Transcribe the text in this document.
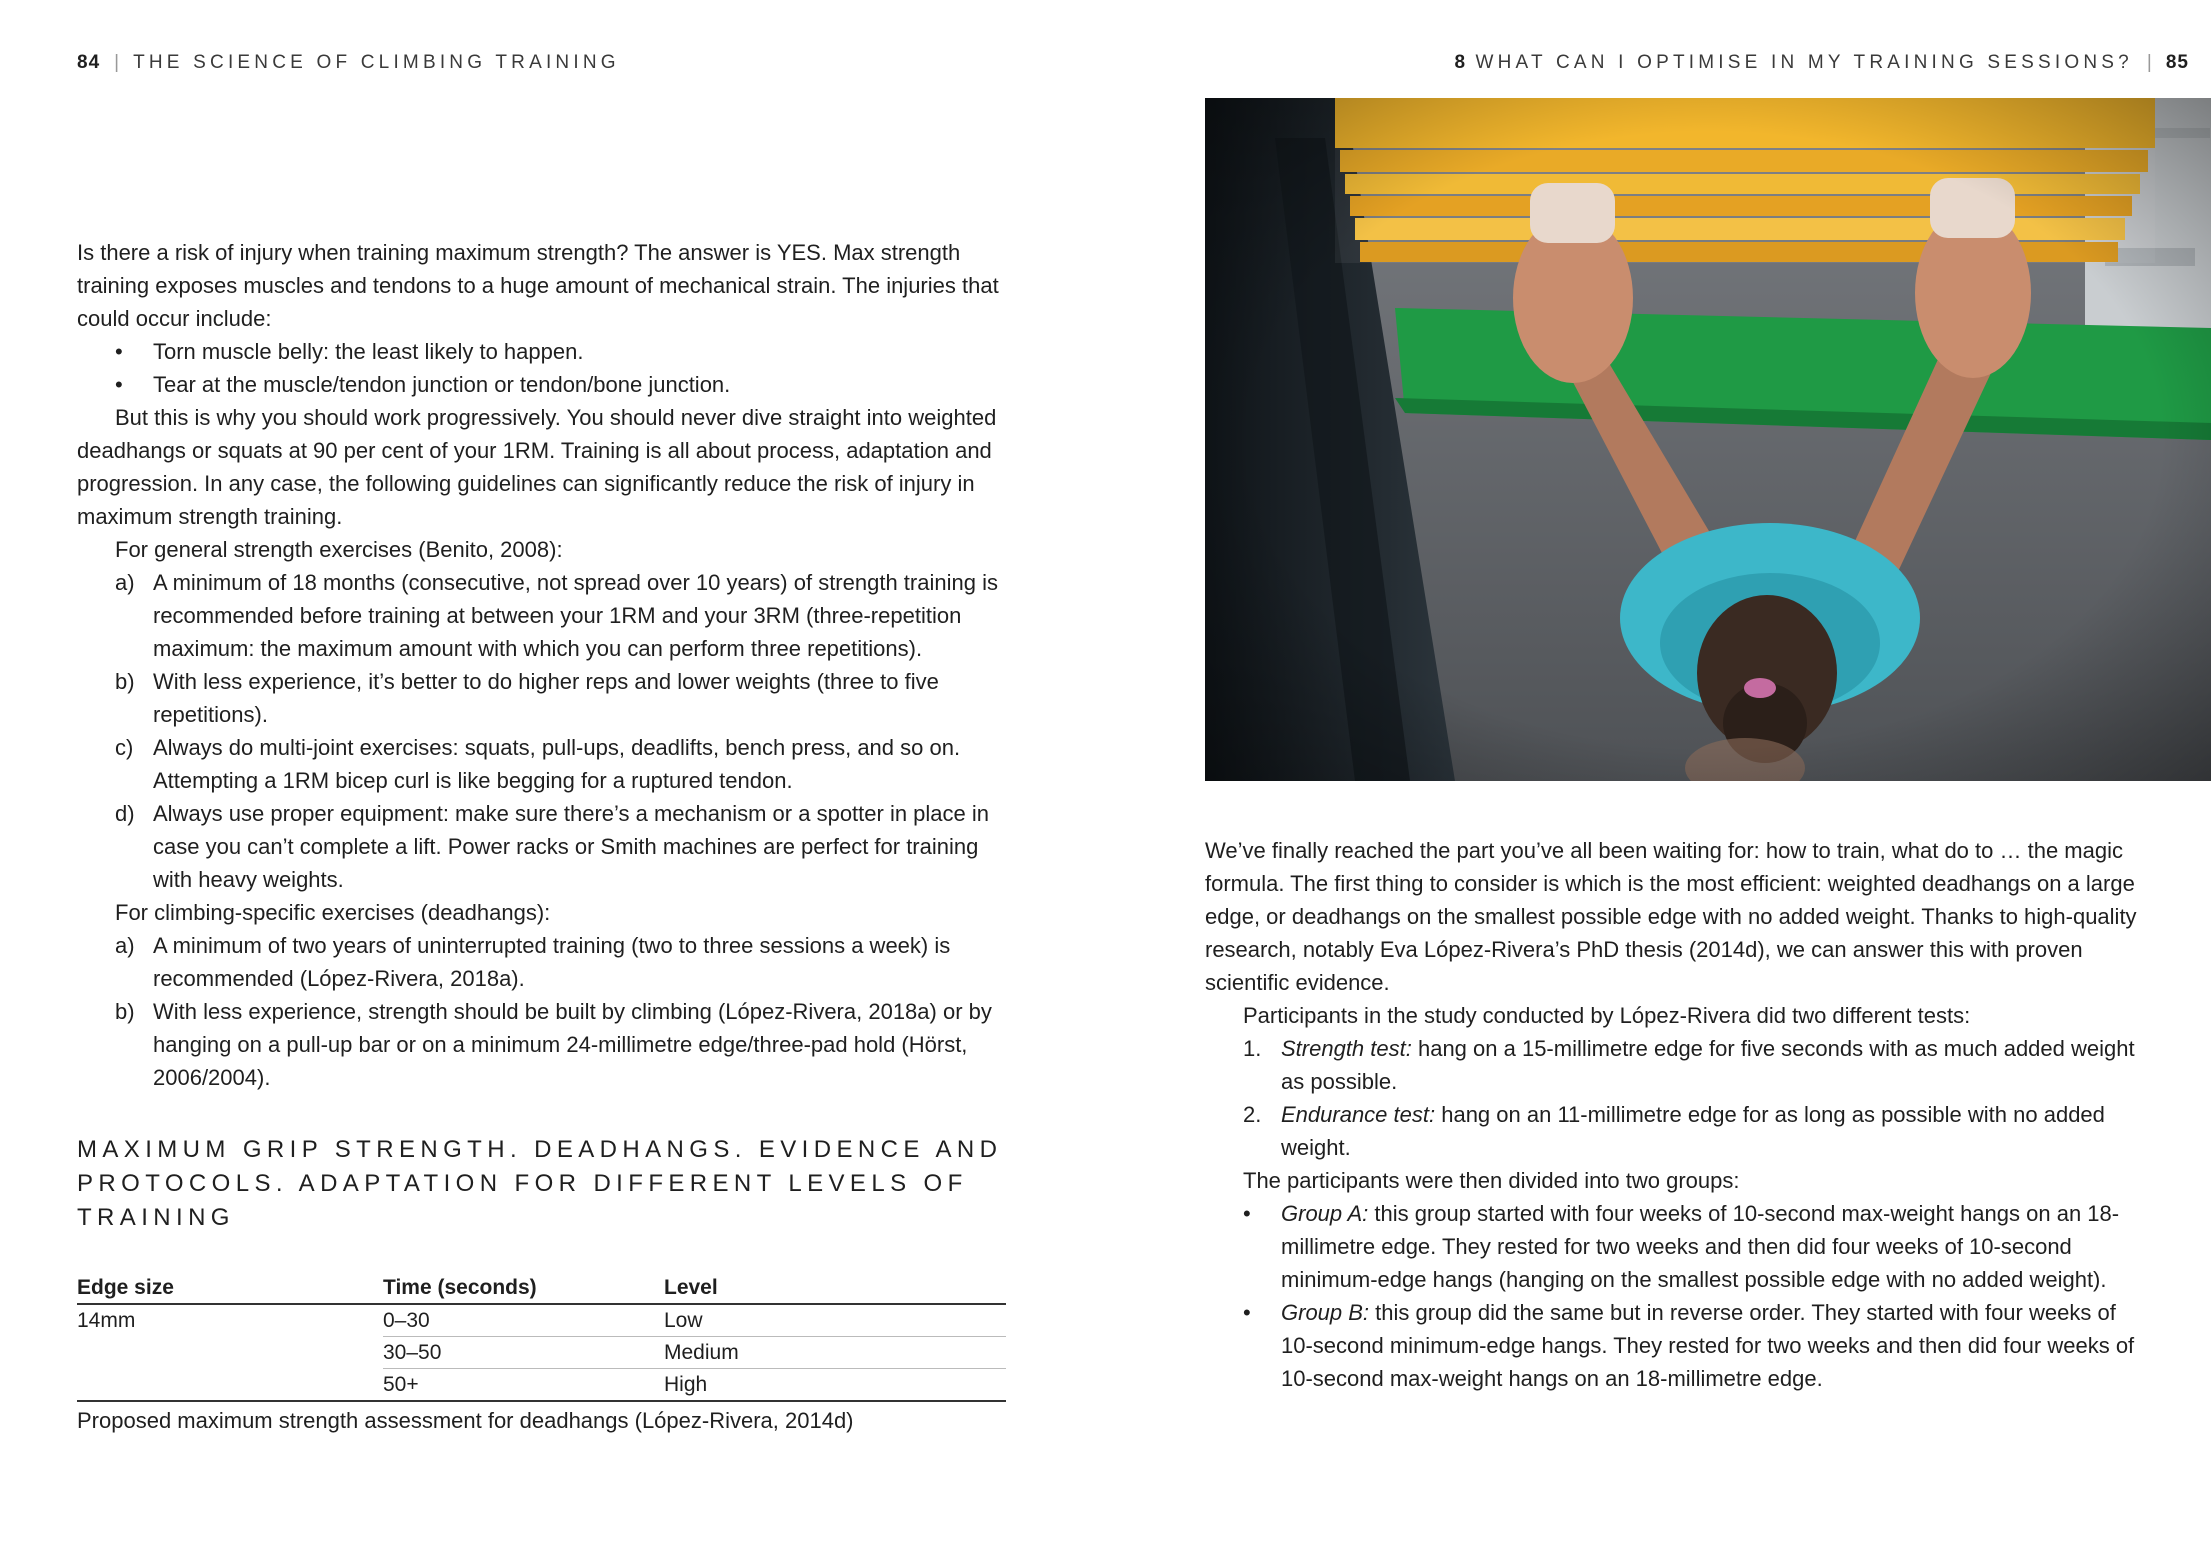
84 | THE SCIENCE OF CLIMBING TRAINING	8 WHAT CAN I OPTIMISE IN MY TRAINING SESSIONS? | 85

Is there a risk of injury when training maximum strength? The answer is YES. Max strength training exposes muscles and tendons to a huge amount of mechanical strain. The injuries that could occur include:

•	Torn muscle belly: the least likely to happen.
•	Tear at the muscle/tendon junction or tendon/bone junction.

But this is why you should work progressively. You should never dive straight into weighted deadhangs or squats at 90 per cent of your 1RM. Training is all about process, adaptation and progression. In any case, the following guidelines can significantly reduce the risk of injury in maximum strength training.

For general strength exercises (Benito, 2008):

a) A minimum of 18 months (consecutive, not spread over 10 years) of strength training is recommended before training at between your 1RM and your 3RM (three-repetition maximum: the maximum amount with which you can perform three repetitions).
b) With less experience, it’s better to do higher reps and lower weights (three to five repetitions).
c) Always do multi-joint exercises: squats, pull-ups, deadlifts, bench press, and so on. Attempting a 1RM bicep curl is like begging for a ruptured tendon.
d) Always use proper equipment: make sure there’s a mechanism or a spotter in place in case you can’t complete a lift. Power racks or Smith machines are perfect for training with heavy weights.

For climbing-specific exercises (deadhangs):

a) A minimum of two years of uninterrupted training (two to three sessions a week) is recommended (López-Rivera, 2018a).
b) With less experience, strength should be built by climbing (López-Rivera, 2018a) or by hanging on a pull-up bar or on a minimum 24-millimetre edge/three-pad hold (Hörst, 2006/2004).
MAXIMUM GRIP STRENGTH. DEADHANGS. EVIDENCE AND PROTOCOLS. ADAPTATION FOR DIFFERENT LEVELS OF TRAINING
Edge size	Time (seconds)	Level
14mm	0–30	Low
	30–50	Medium
	50+	High
Proposed maximum strength assessment for deadhangs (López-Rivera, 2014d)

We’ve finally reached the part you’ve all been waiting for: how to train, what do to … the magic formula. The first thing to consider is which is the most efficient: weighted deadhangs on a large edge, or deadhangs on the smallest possible edge with no added weight. Thanks to high-quality research, notably Eva López-Rivera’s PhD thesis (2014d), we can answer this with proven scientific evidence.

Participants in the study conducted by López-Rivera did two different tests:

1. Strength test: hang on a 15-millimetre edge for five seconds with as much added weight as possible.
2. Endurance test: hang on an 11-millimetre edge for as long as possible with no added weight.

The participants were then divided into two groups:

•	Group A: this group started with four weeks of 10-second max-weight hangs on an 18-millimetre edge. They rested for two weeks and then did four weeks of 10-second minimum-edge hangs (hanging on the smallest possible edge with no added weight).
•	Group B: this group did the same but in reverse order. They started with four weeks of 10-second minimum-edge hangs. They rested for two weeks and then did four weeks of 10-second max-weight hangs on an 18-millimetre edge.
